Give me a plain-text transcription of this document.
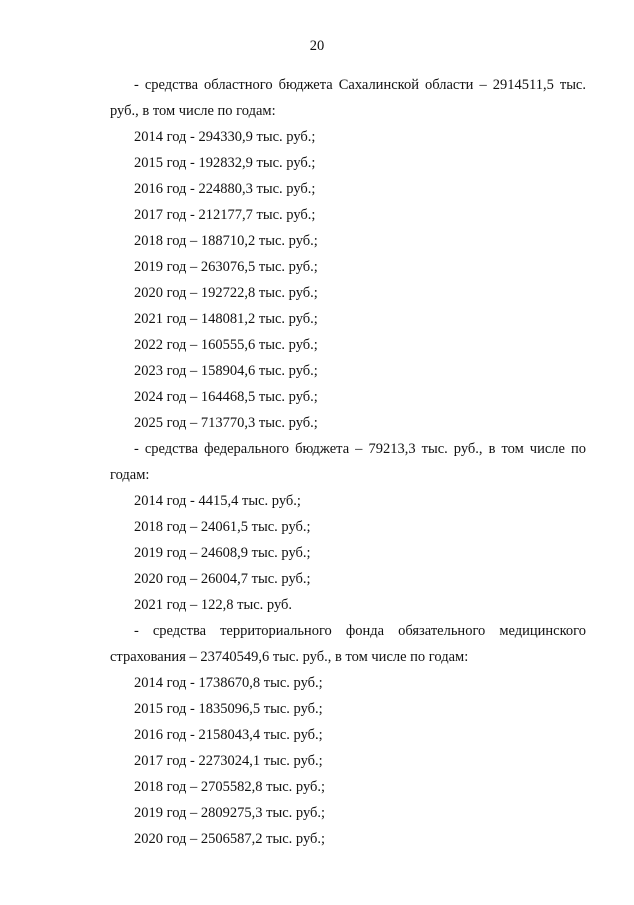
20
- средства областного бюджета Сахалинской области – 2914511,5 тыс. руб., в том числе по годам:
2014 год - 294330,9 тыс. руб.;
2015 год - 192832,9 тыс. руб.;
2016 год - 224880,3 тыс. руб.;
2017 год - 212177,7 тыс. руб.;
2018 год – 188710,2 тыс. руб.;
2019 год – 263076,5 тыс. руб.;
2020 год – 192722,8 тыс. руб.;
2021 год – 148081,2 тыс. руб.;
2022 год – 160555,6 тыс. руб.;
2023 год – 158904,6 тыс. руб.;
2024 год – 164468,5 тыс. руб.;
2025 год – 713770,3 тыс. руб.;
- средства федерального бюджета – 79213,3 тыс. руб., в том числе по годам:
2014 год - 4415,4 тыс. руб.;
2018 год – 24061,5 тыс. руб.;
2019 год – 24608,9 тыс. руб.;
2020 год – 26004,7 тыс. руб.;
2021 год – 122,8 тыс. руб.
- средства территориального фонда обязательного медицинского страхования – 23740549,6 тыс. руб., в том числе по годам:
2014 год - 1738670,8 тыс. руб.;
2015 год - 1835096,5 тыс. руб.;
2016 год - 2158043,4 тыс. руб.;
2017 год - 2273024,1 тыс. руб.;
2018 год – 2705582,8 тыс. руб.;
2019 год – 2809275,3 тыс. руб.;
2020 год – 2506587,2 тыс. руб.;
